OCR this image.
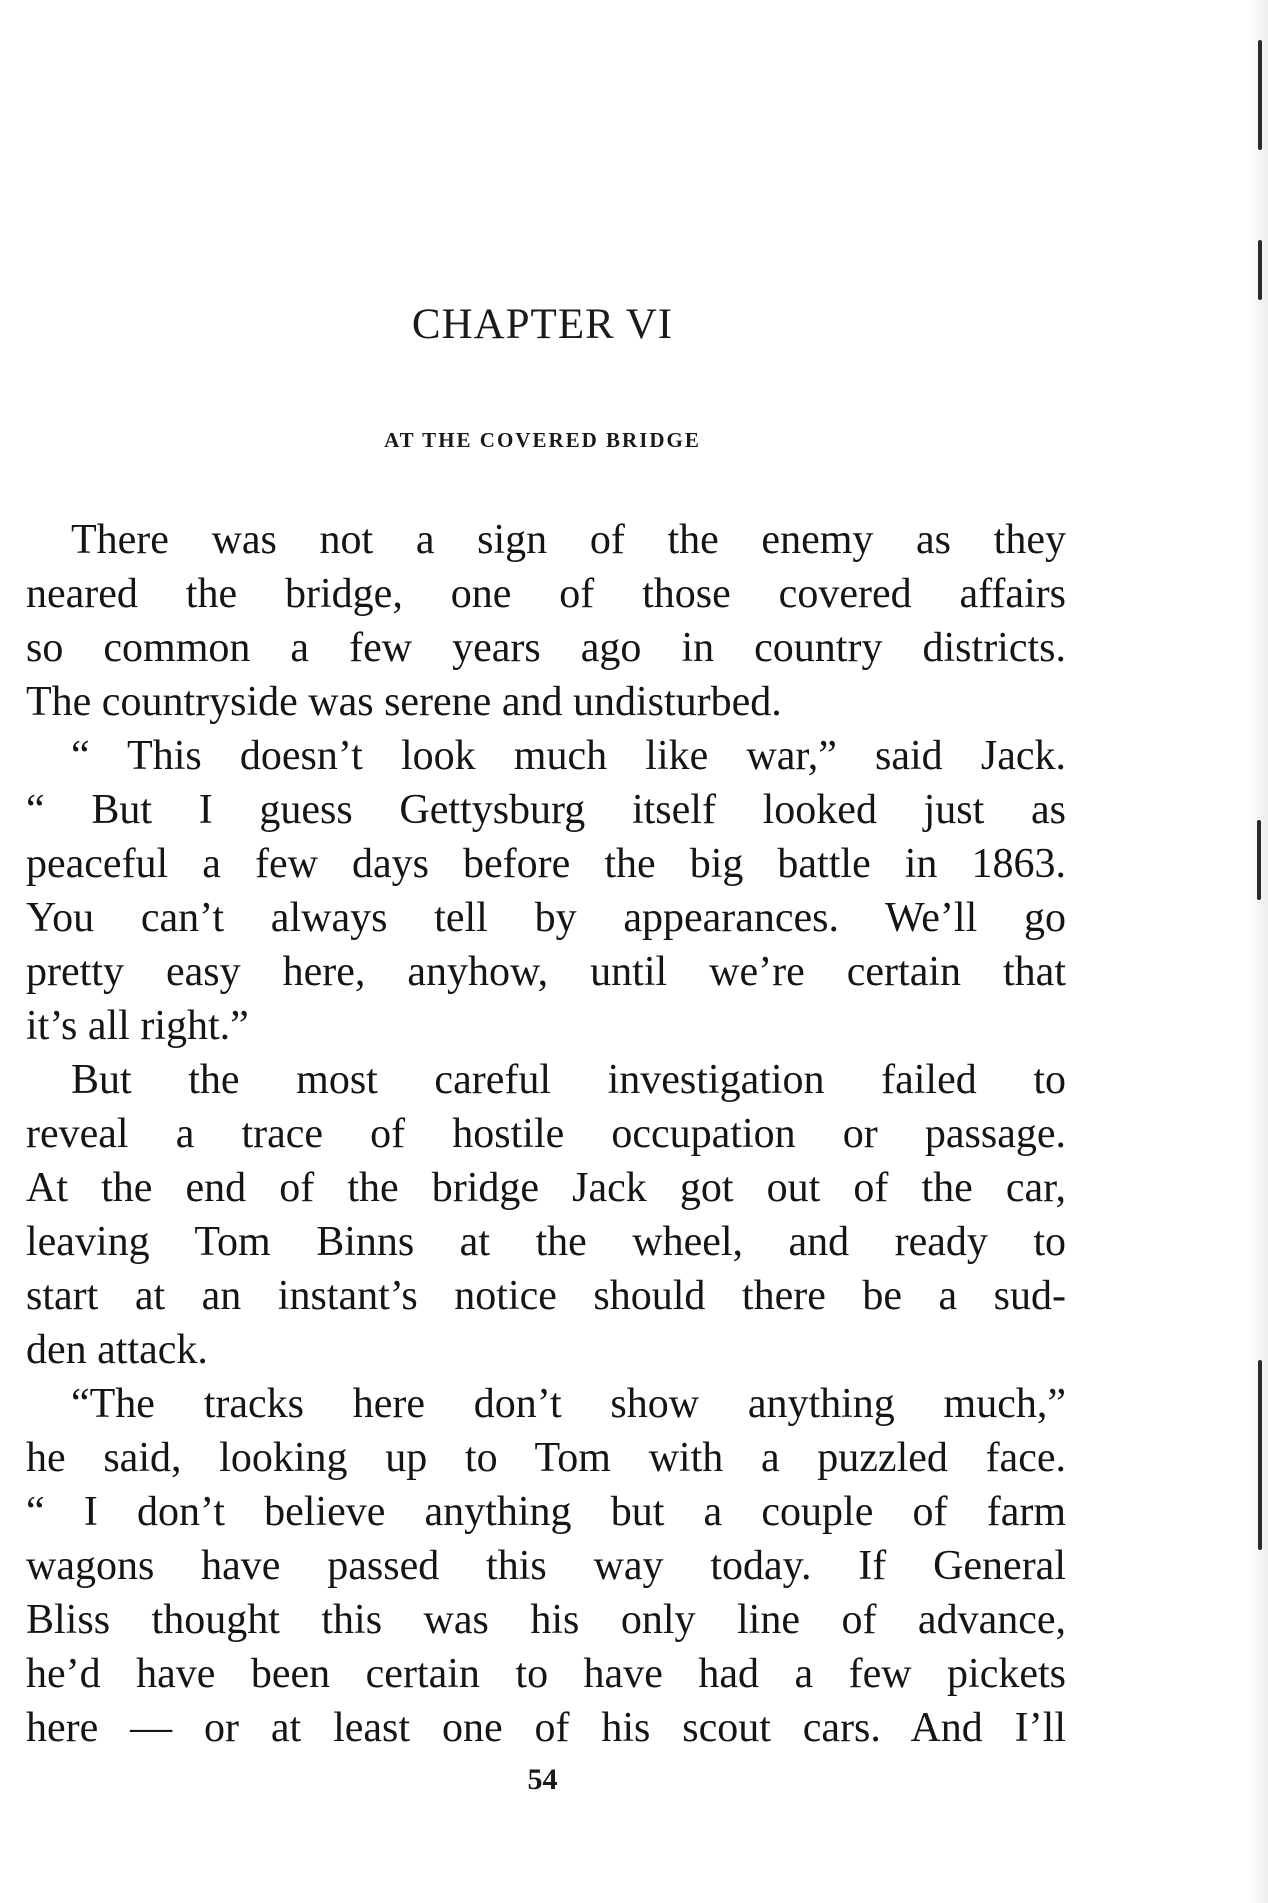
CHAPTER VI
AT THE COVERED BRIDGE
There was not a sign of the enemy as they
neared the bridge, one of those covered affairs
so common a few years ago in country districts.
The countryside was serene and undisturbed.
“ This doesn’t look much like war,” said Jack.
“ But I guess Gettysburg itself looked just as
peaceful a few days before the big battle in 1863.
You can’t always tell by appearances. We’ll go
pretty easy here, anyhow, until we’re certain that
it’s all right.”
But the most careful investigation failed to
reveal a trace of hostile occupation or passage.
At the end of the bridge Jack got out of the car,
leaving Tom Binns at the wheel, and ready to
start at an instant’s notice should there be a sud-
den attack.
“The tracks here don’t show anything much,”
he said, looking up to Tom with a puzzled face.
“ I don’t believe anything but a couple of farm
wagons have passed this way today. If General
Bliss thought this was his only line of advance,
he’d have been certain to have had a few pickets
here — or at least one of his scout cars. And I’ll
54
